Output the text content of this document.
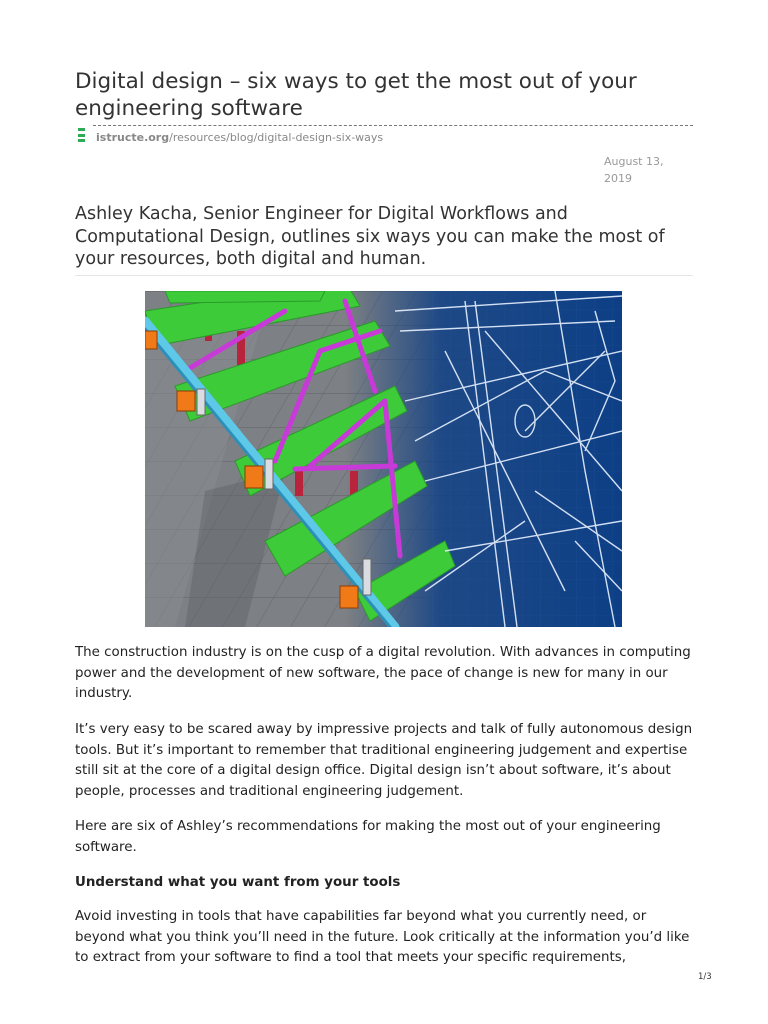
Digital design – six ways to get the most out of your engineering software
istructe.org/resources/blog/digital-design-six-ways
August 13, 2019

Ashley Kacha, Senior Engineer for Digital Workflows and Computational Design, outlines six ways you can make the most of your resources, both digital and human.

The construction industry is on the cusp of a digital revolution. With advances in computing power and the development of new software, the pace of change is new for many in our industry.

It’s very easy to be scared away by impressive projects and talk of fully autonomous design tools. But it’s important to remember that traditional engineering judgement and expertise still sit at the core of a digital design office. Digital design isn’t about software, it’s about people, processes and traditional engineering judgement.

Here are six of Ashley’s recommendations for making the most out of your engineering software.

Understand what you want from your tools

Avoid investing in tools that have capabilities far beyond what you currently need, or beyond what you think you’ll need in the future. Look critically at the information you’d like to extract from your software to find a tool that meets your specific requirements,

1/3
